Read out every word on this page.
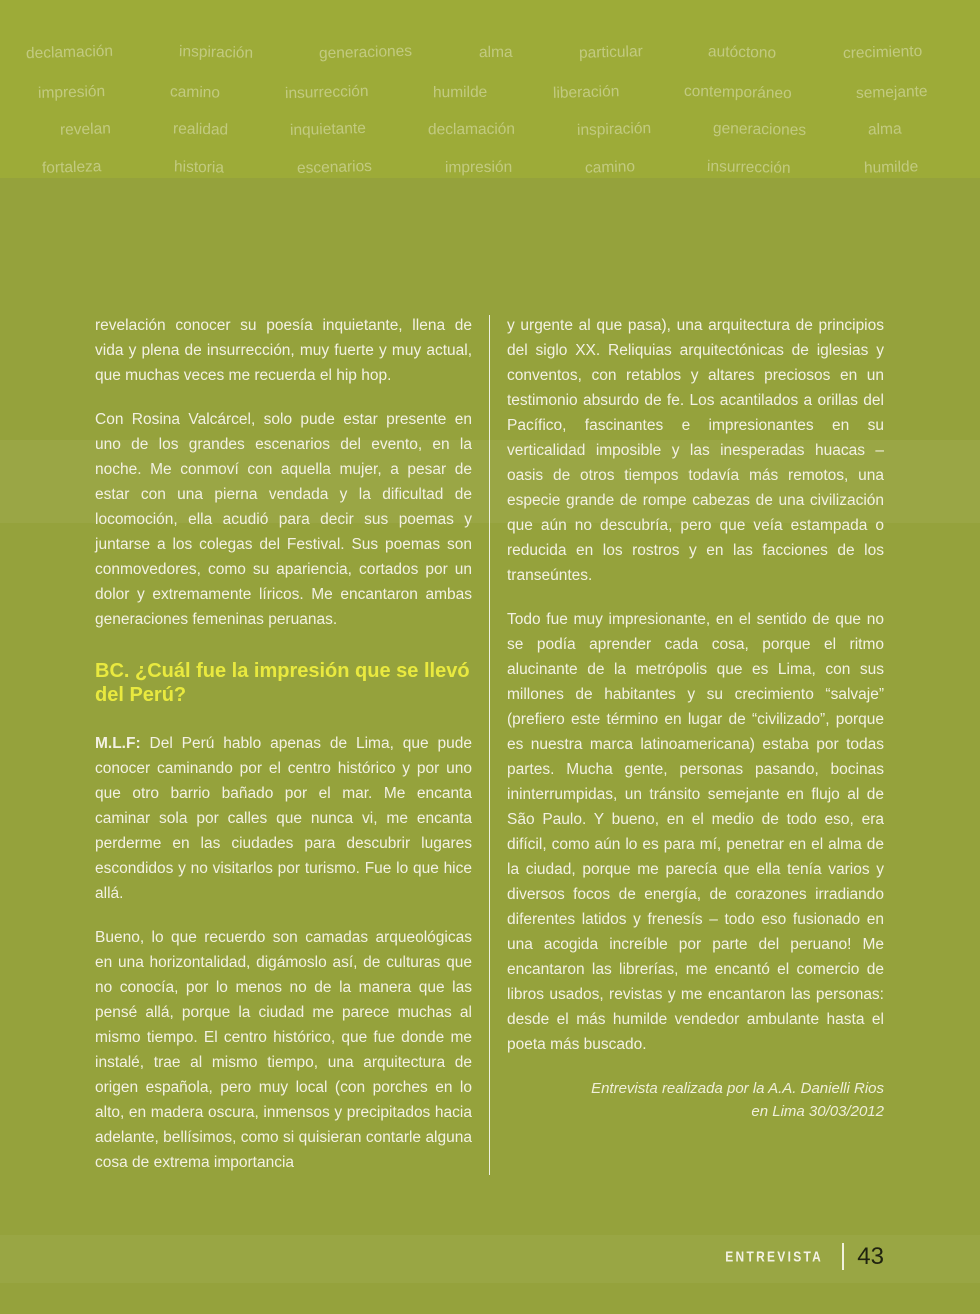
declamación	inspiración	generaciones	alma	particular	autóctono	crecimiento
impresión	camino	insurrección	humilde	liberación	contemporáneo	semejante
revelan	realidad	inquietante	declamación	inspiración	generaciones	alma
fortaleza	historia	escenarios	impresión	camino	insurrección	humilde

revelación conocer su poesía inquietante, llena de vida y plena de insurrección, muy fuerte y muy actual, que muchas veces me recuerda el hip hop.

Con Rosina Valcárcel, solo pude estar presente en uno de los grandes escenarios del evento, en la noche. Me conmoví con aquella mujer, a pesar de estar con una pierna vendada y la dificultad de locomoción, ella acudió para decir sus poemas y juntarse a los colegas del Festival. Sus poemas son conmovedores, como su apariencia, cortados por un dolor y extremamente líricos. Me encantaron ambas generaciones femeninas peruanas.

BC. ¿Cuál fue la impresión que se llevó del Perú?

M.L.F: Del Perú hablo apenas de Lima, que pude conocer caminando por el centro histórico y por uno que otro barrio bañado por el mar. Me encanta caminar sola por calles que nunca vi, me encanta perderme en las ciudades para descubrir lugares escondidos y no visitarlos por turismo. Fue lo que hice allá.

Bueno, lo que recuerdo son camadas arqueológicas en una horizontalidad, digámoslo así, de culturas que no conocía, por lo menos no de la manera que las pensé allá, porque la ciudad me parece muchas al mismo tiempo. El centro histórico, que fue donde me instalé, trae al mismo tiempo, una arquitectura de origen española, pero muy local (con porches en lo alto, en madera oscura, inmensos y precipitados hacia adelante, bellísimos, como si quisieran contarle alguna cosa de extrema importancia

y urgente al que pasa), una arquitectura de principios del siglo XX. Reliquias arquitectónicas de iglesias y conventos, con retablos y altares preciosos en un testimonio absurdo de fe. Los acantilados a orillas del Pacífico, fascinantes e impresionantes en su verticalidad imposible y las inesperadas huacas – oasis de otros tiempos todavía más remotos, una especie grande de rompe cabezas de una civilización que aún no descubría, pero que veía estampada o reducida en los rostros y en las facciones de los transeúntes.

Todo fue muy impresionante, en el sentido de que no se podía aprender cada cosa, porque el ritmo alucinante de la metrópolis que es Lima, con sus millones de habitantes y su crecimiento “salvaje” (prefiero este término en lugar de “civilizado”, porque es nuestra marca latinoamericana) estaba por todas partes. Mucha gente, personas pasando, bocinas ininterrumpidas, un tránsito semejante en flujo al de São Paulo. Y bueno, en el medio de todo eso, era difícil, como aún lo es para mí, penetrar en el alma de la ciudad, porque me parecía que ella tenía varios y diversos focos de energía, de corazones irradiando diferentes latidos y frenesís – todo eso fusionado en una acogida increíble por parte del peruano! Me encantaron las librerías, me encantó el comercio de libros usados, revistas y me encantaron las personas: desde el más humilde vendedor ambulante hasta el poeta más buscado.

Entrevista realizada por la A.A. Danielli Rios
en Lima 30/03/2012
ENTREVISTA 43
